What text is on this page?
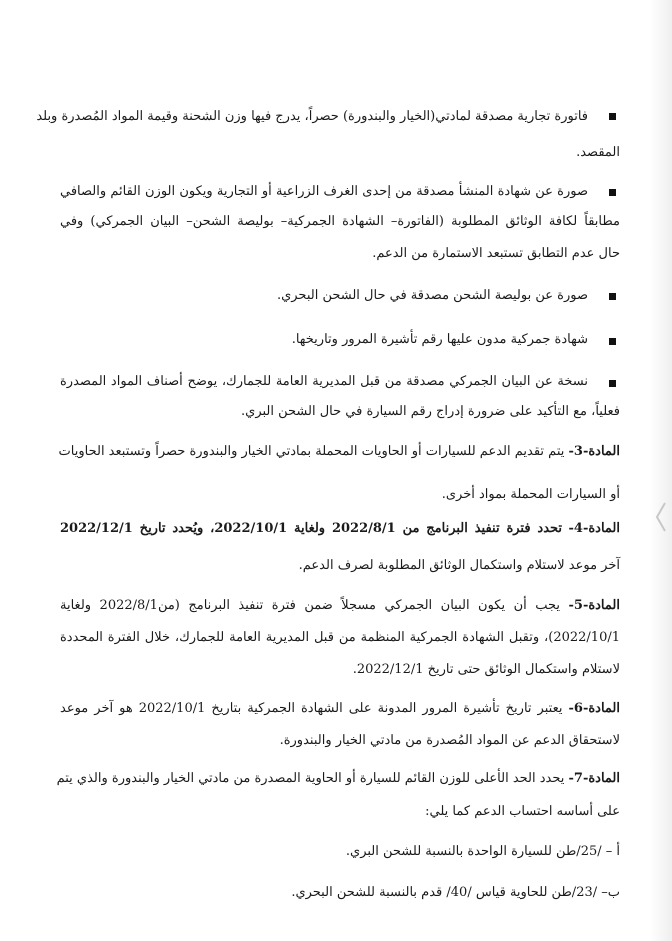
فاتورة تجارية مصدقة لمادتي(الخيار والبندورة) حصراً، يدرج فيها وزن الشحنة وقيمة المواد المُصدرة وبلد
المقصد.
صورة عن شهادة المنشأ مصدقة من إحدى الغرف الزراعية أو التجارية ويكون الوزن القائم والصافي
مطابقاً لكافة الوثائق المطلوبة (الفاتورة– الشهادة الجمركية– بوليصة الشحن– البيان الجمركي) وفي
حال عدم التطابق تستبعد الاستمارة من الدعم.
صورة عن بوليصة الشحن مصدقة في حال الشحن البحري.
شهادة جمركية مدون عليها رقم تأشيرة المرور وتاريخها.
نسخة عن البيان الجمركي مصدقة من قبل المديرية العامة للجمارك، يوضح أصناف المواد المصدرة
فعلياً، مع التأكيد على ضرورة إدراج رقم السيارة في حال الشحن البري.
المادة-3- يتم تقديم الدعم للسيارات أو الحاويات المحملة بمادتي الخيار والبندورة حصراً وتستبعد الحاويات
أو السيارات المحملة بمواد أخرى.
المادة-4- تحدد فترة تنفيذ البرنامج من 2022/8/1 ولغاية 2022/10/1، ويُحدد تاريخ 2022/12/1
آخر موعد لاستلام واستكمال الوثائق المطلوبة لصرف الدعم.
المادة-5- يجب أن يكون البيان الجمركي مسجلاً ضمن فترة تنفيذ البرنامج (من2022/8/1 ولغاية
2022/10/1)، وتقبل الشهادة الجمركية المنظمة من قبل المديرية العامة للجمارك، خلال الفترة المحددة
لاستلام واستكمال الوثائق حتى تاريخ 2022/12/1.
المادة-6- يعتبر تاريخ تأشيرة المرور المدونة على الشهادة الجمركية بتاريخ 2022/10/1 هو آخر موعد
لاستحقاق الدعم عن المواد المُصدرة من مادتي الخيار والبندورة.
المادة-7- يحدد الحد الأعلى للوزن القائم للسيارة أو الحاوية المصدرة من مادتي الخيار والبندورة والذي يتم
على أساسه احتساب الدعم كما يلي:
أ – /25/طن للسيارة الواحدة بالنسبة للشحن البري.
ب– /23/طن للحاوية قياس /40/ قدم بالنسبة للشحن البحري.
